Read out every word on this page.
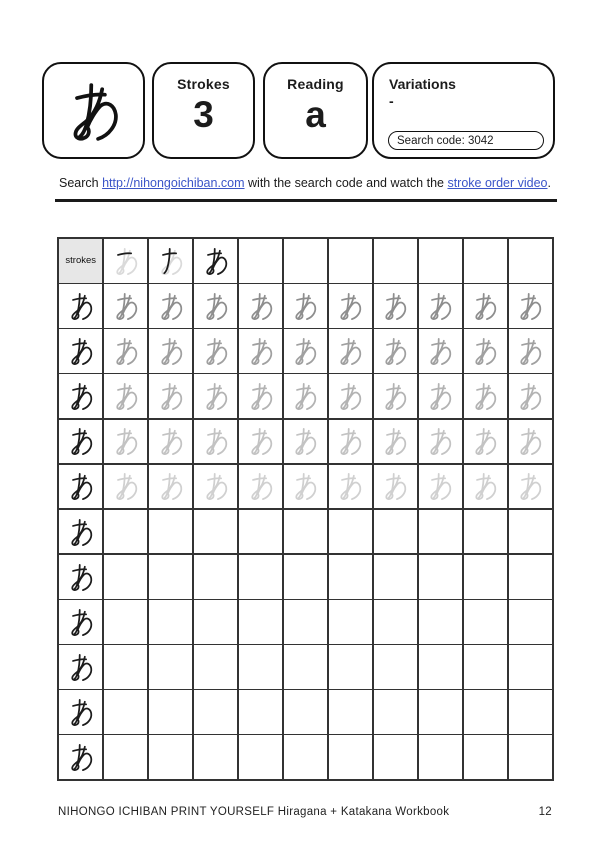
Strokes
3
Reading
a
Variations
-
Search code: 3042
Search http://nihongoichiban.com with the search code and watch the stroke order video.
strokes
NIHONGO ICHIBAN PRINT YOURSELF Hiragana + Katakana Workbook	12
